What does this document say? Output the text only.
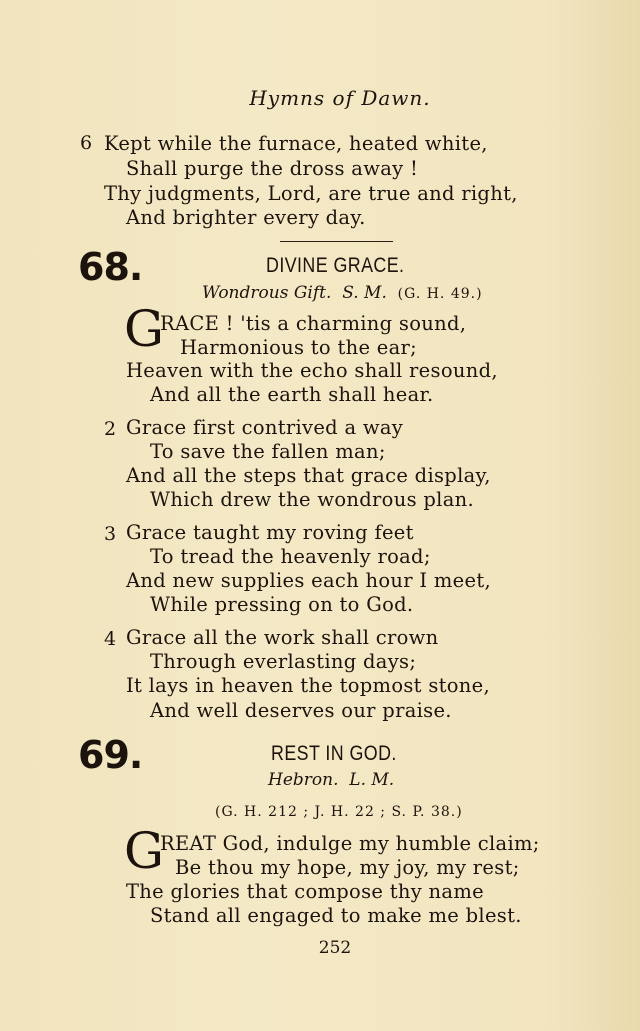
Hymns of Dawn.
6 Kept while the furnace, heated white,
Shall purge the dross away !
Thy judgments, Lord, are true and right,
And brighter every day.
68.	DIVINE GRACE.
Wondrous Gift. S. M. (G. H. 49.)
G
RACE ! 'tis a charming sound,
Harmonious to the ear;
Heaven with the echo shall resound,
And all the earth shall hear.
2 Grace first contrived a way
To save the fallen man;
And all the steps that grace display,
Which drew the wondrous plan.
3 Grace taught my roving feet
To tread the heavenly road;
And new supplies each hour I meet,
While pressing on to God.
4 Grace all the work shall crown
Through everlasting days;
It lays in heaven the topmost stone,
And well deserves our praise.
69.	REST IN GOD.
Hebron. L. M.
(G. H. 212 ; J. H. 22 ; S. P. 38.)
G
REAT God, indulge my humble claim;
Be thou my hope, my joy, my rest;
The glories that compose thy name
Stand all engaged to make me blest.
252
